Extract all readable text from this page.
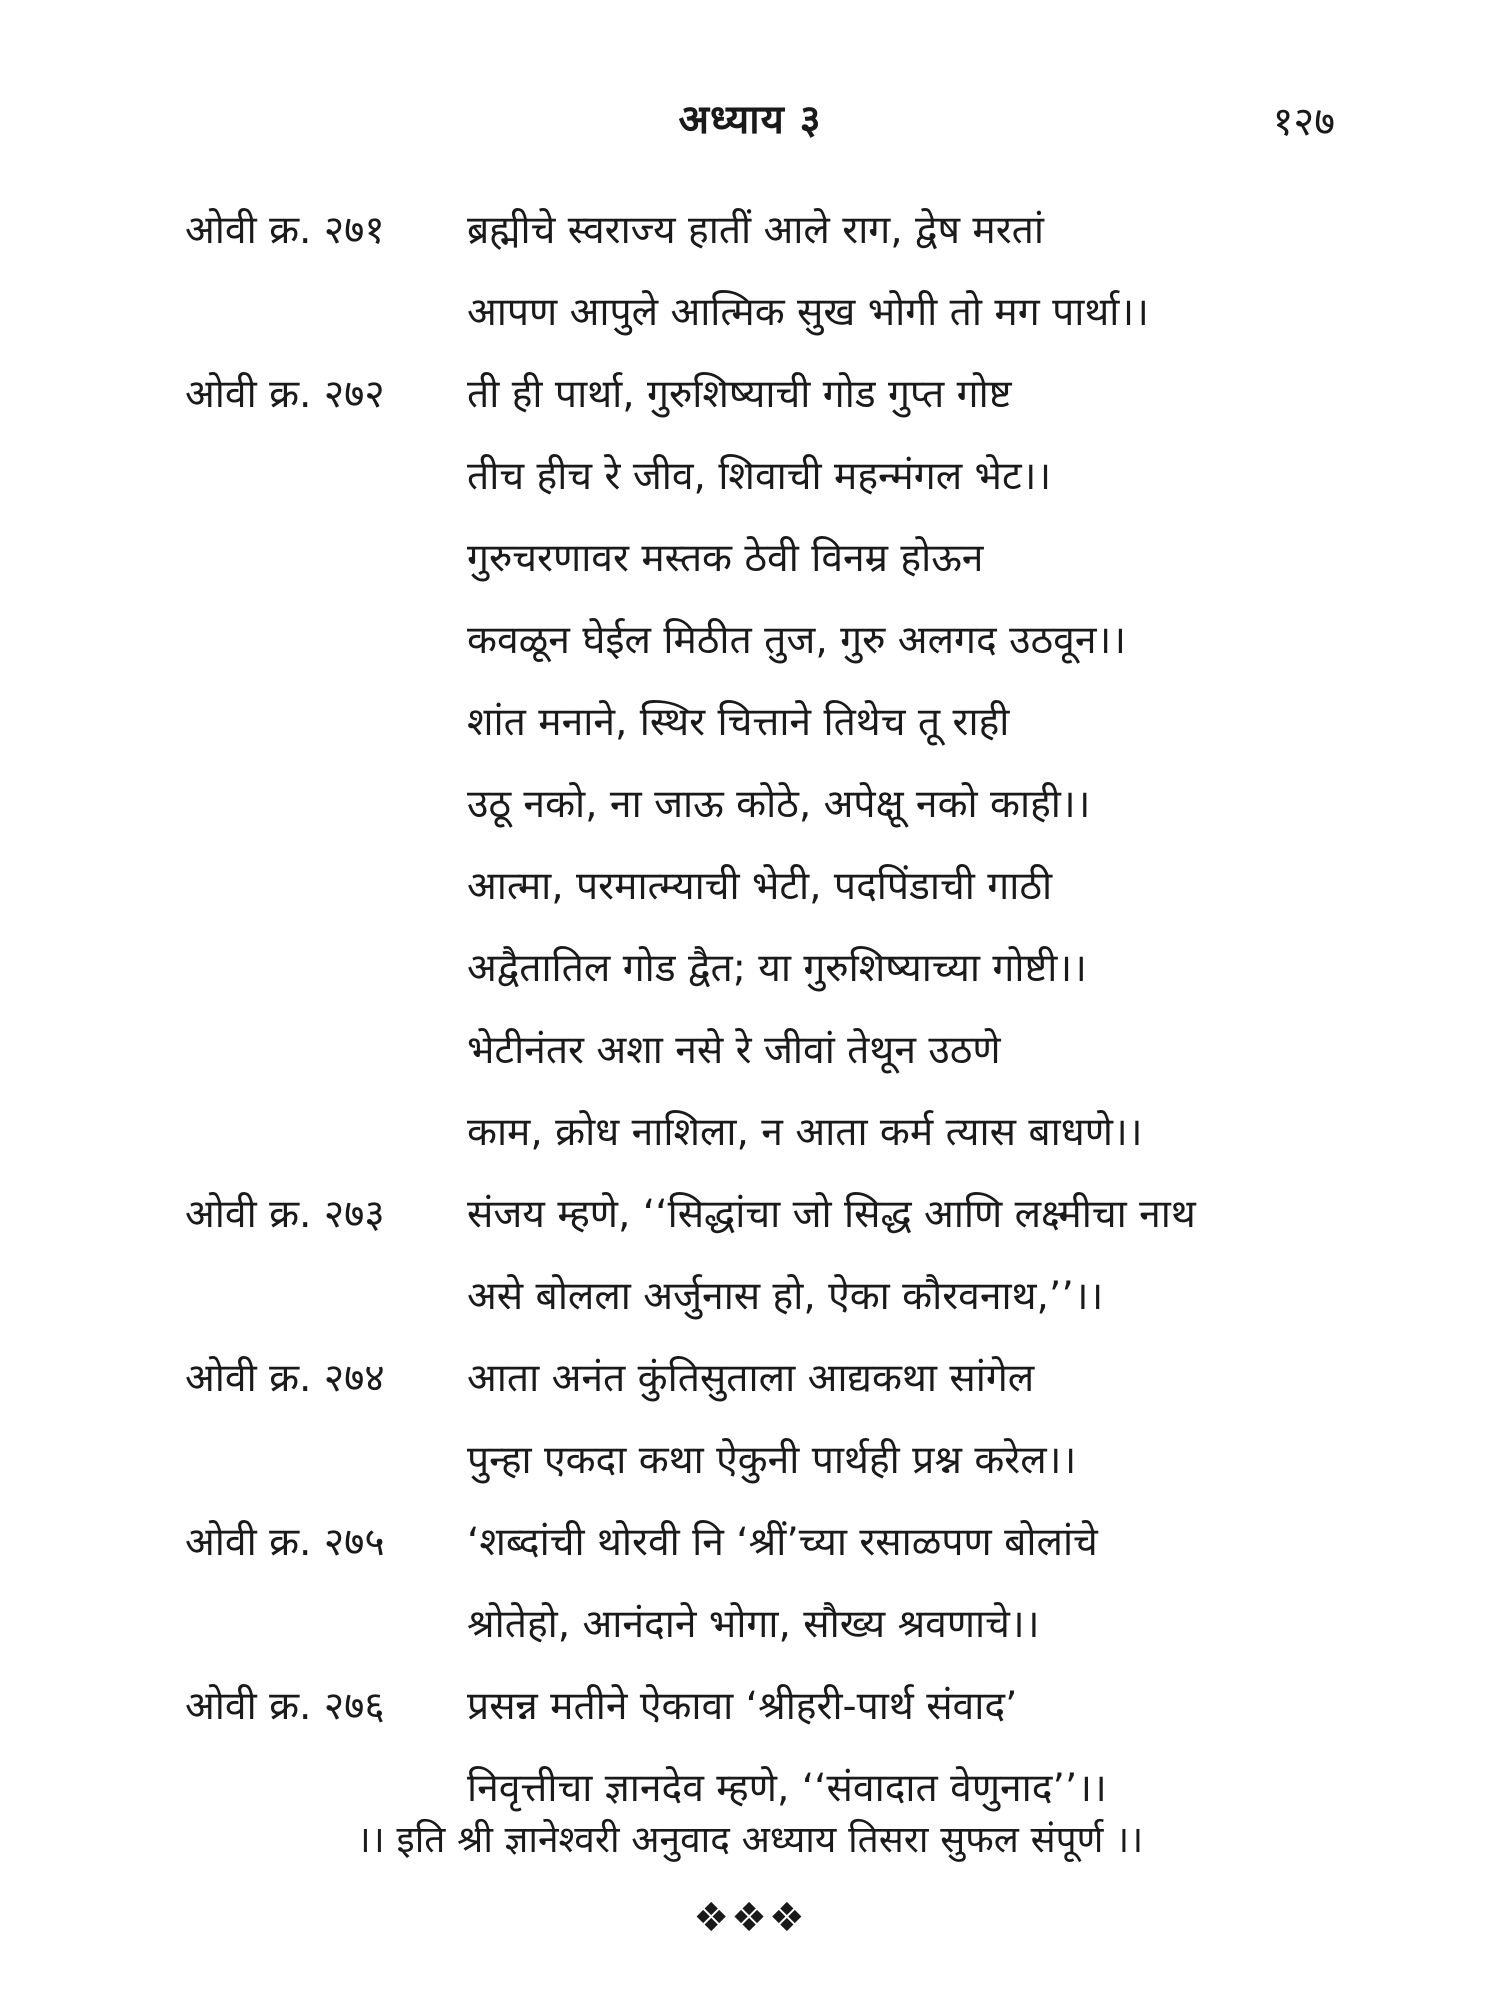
अध्याय ३	१२७
ओवी क्र. २७१	ब्रह्मीचे स्वराज्य हातीं आले राग, द्वेष मरतां
आपण आपुले आत्मिक सुख भोगी तो मग पार्था।।
ओवी क्र. २७२	ती ही पार्था, गुरुशिष्याची गोड गुप्त गोष्ट
तीच हीच रे जीव, शिवाची महन्मंगल भेट।।
गुरुचरणावर मस्तक ठेवी विनम्र होऊन
कवळून घेईल मिठीत तुज, गुरु अलगद उठवून।।
शांत मनाने, स्थिर चित्ताने तिथेच तू राही
उठू नको, ना जाऊ कोठे, अपेक्षू नको काही।।
आत्मा, परमात्म्याची भेटी, पदपिंडाची गाठी
अद्वैतातिल गोड द्वैत; या गुरुशिष्याच्या गोष्टी।।
भेटीनंतर अशा नसे रे जीवां तेथून उठणे
काम, क्रोध नाशिला, न आता कर्म त्यास बाधणे।।
ओवी क्र. २७३	संजय म्हणे, ‘‘सिद्धांचा जो सिद्ध आणि लक्ष्मीचा नाथ
असे बोलला अर्जुनास हो, ऐका कौरवनाथ,’’।।
ओवी क्र. २७४	आता अनंत कुंतिसुताला आद्यकथा सांगेल
पुन्हा एकदा कथा ऐकुनी पार्थही प्रश्न करेल।।
ओवी क्र. २७५	‘शब्दांची थोरवी नि ‘श्रीं’च्या रसाळपण बोलांचे
श्रोतेहो, आनंदाने भोगा, सौख्य श्रवणाचे।।
ओवी क्र. २७६	प्रसन्न मतीने ऐकावा ‘श्रीहरी-पार्थ संवाद’
निवृत्तीचा ज्ञानदेव म्हणे, ‘‘संवादात वेणुनाद’’।।
।। इति श्री ज्ञानेश्वरी अनुवाद अध्याय तिसरा सुफल संपूर्ण ।।
❖❖❖
